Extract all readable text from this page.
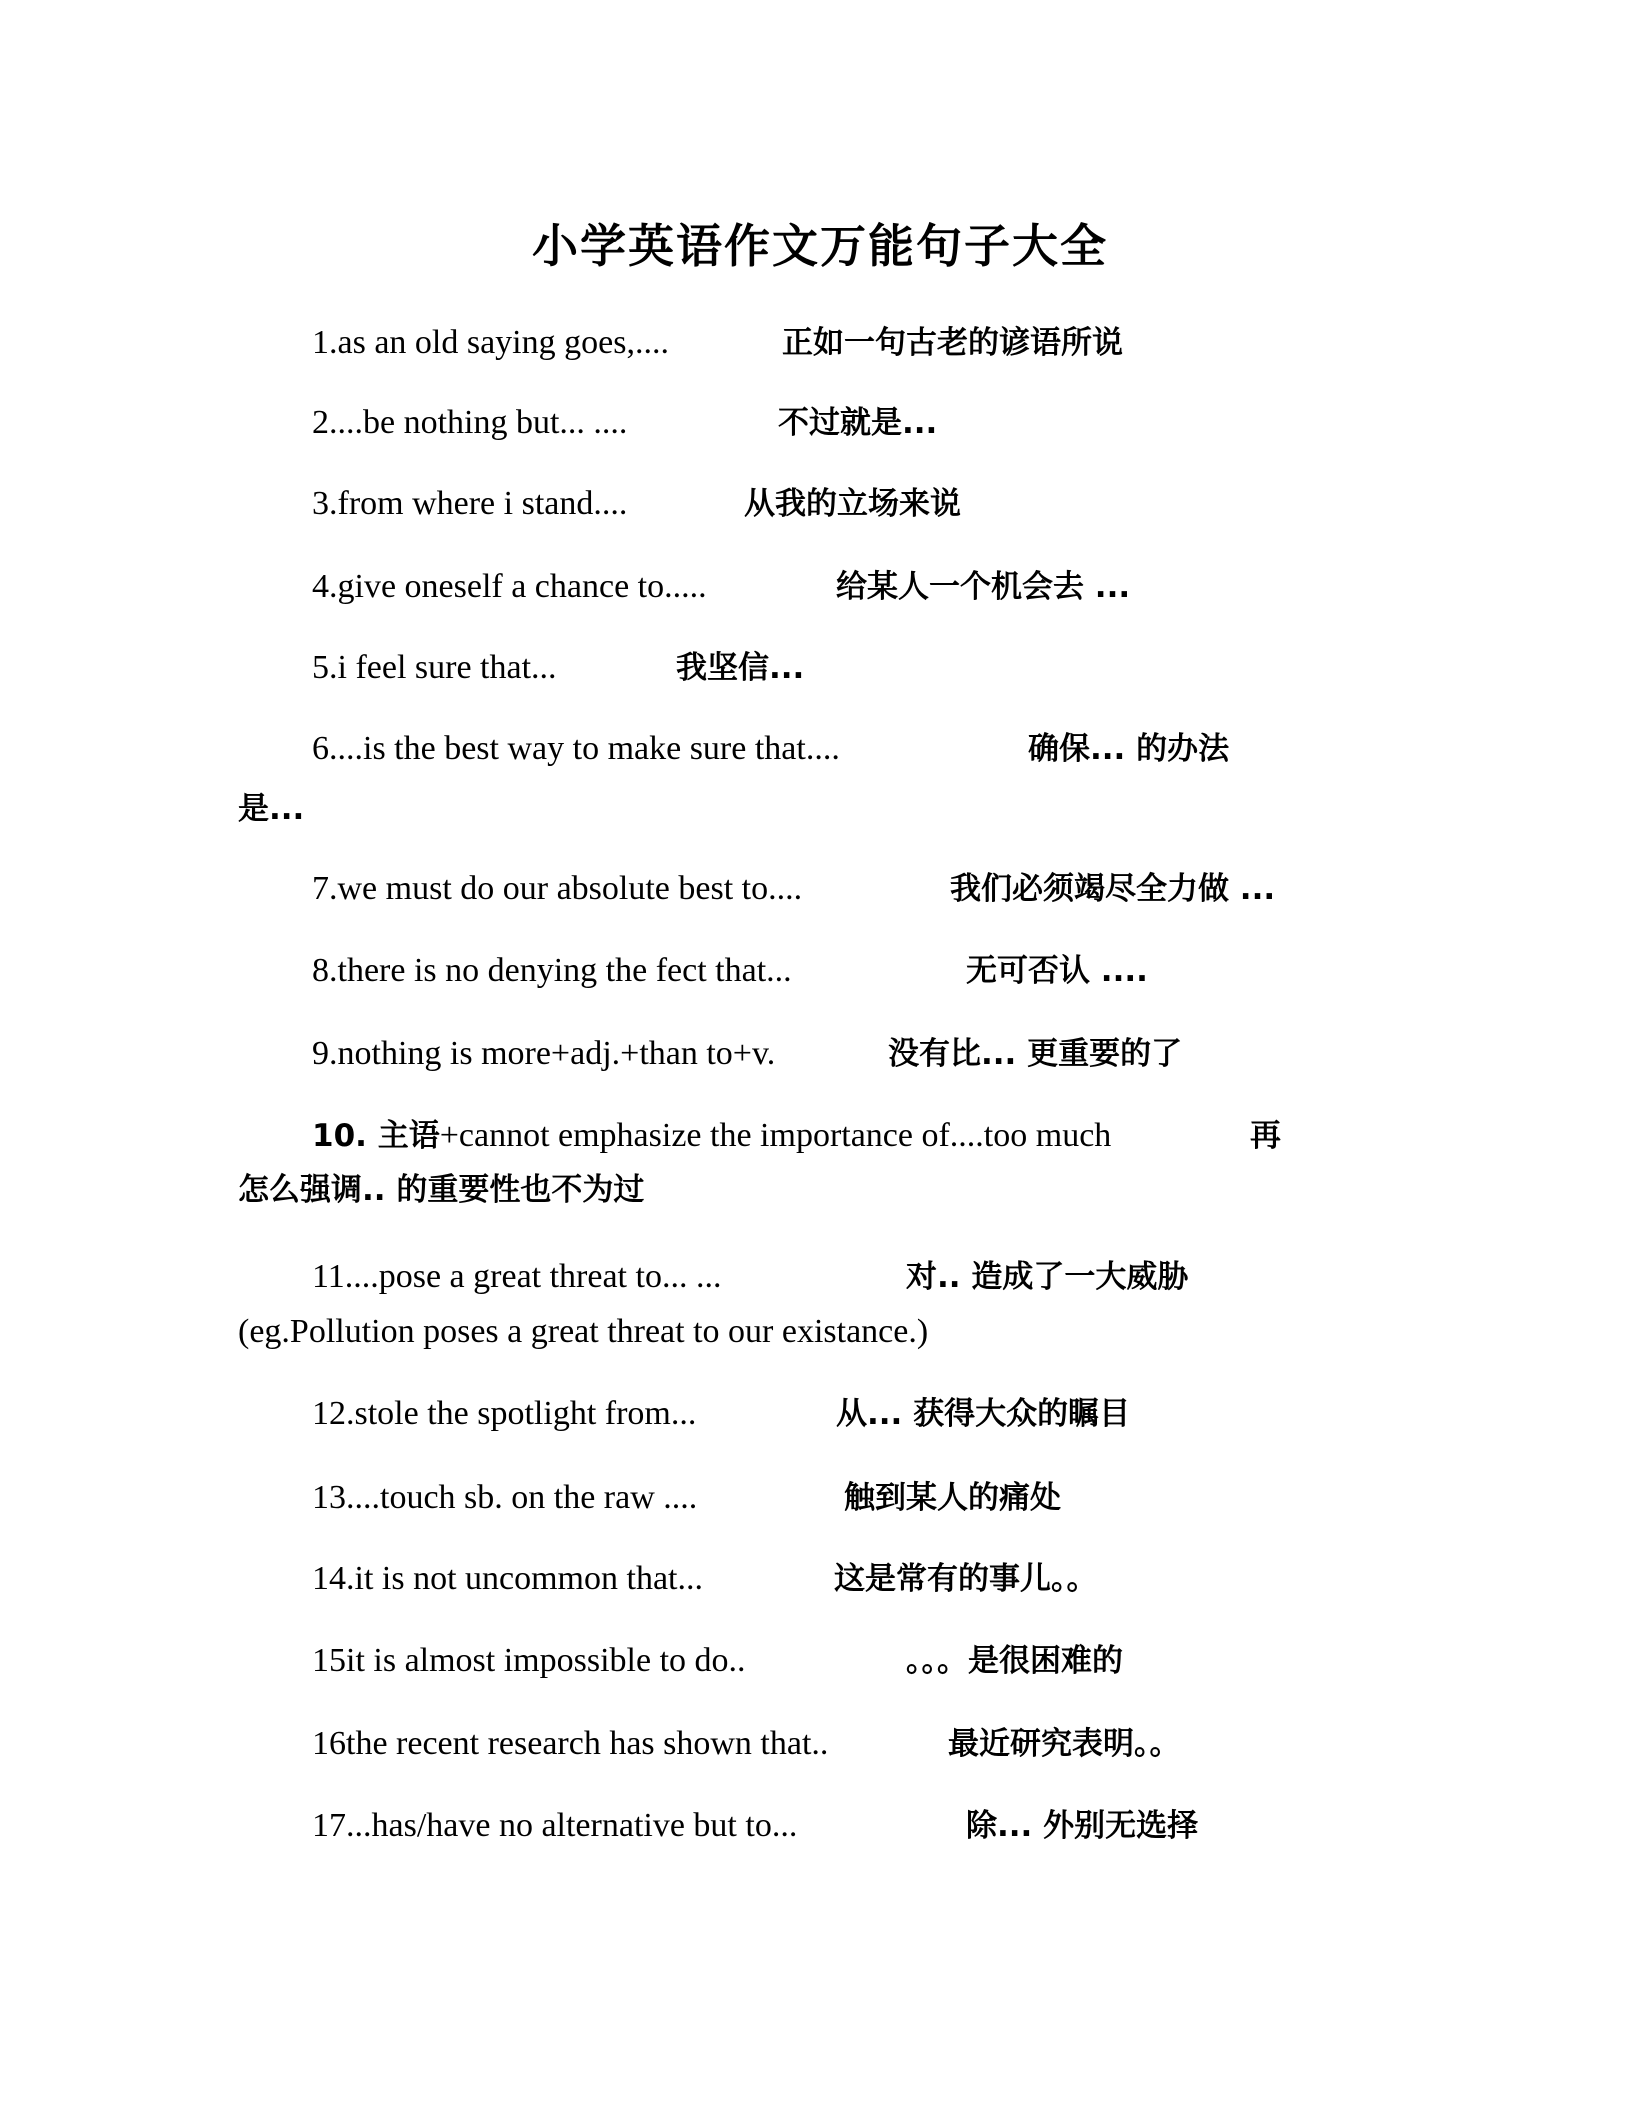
小学英语作文万能句子大全
1.as an old saying goes,....	正如一句古老的谚语所说
2....be nothing but... ....	不过就是...
3.from where i stand....	从我的立场来说
4.give oneself a chance to.....	给某人一个机会去 ...
5.i feel sure that...	我坚信...
6....is the best way to make sure that....	确保... 的办法
是...
7.we must do our absolute best to....	我们必须竭尽全力做 ...
8.there is no denying the fect that...	无可否认 ....
9.nothing is more+adj.+than to+v.	没有比... 更重要的了
10. 主语+cannot emphasize the importance of....too much	再
怎么强调.. 的重要性也不为过
11....pose a great threat to... ...	对.. 造成了一大威胁
(eg.Pollution poses a great threat to our existance.)
12.stole the spotlight from...	从... 获得大众的瞩目
13....touch sb. on the raw ....	触到某人的痛处
14.it is not uncommon that...	这是常有的事儿。。
15it is almost impossible to do..	。。。是很困难的
16the recent research has shown that..	最近研究表明。。
17...has/have no alternative but to...	除... 外别无选择
